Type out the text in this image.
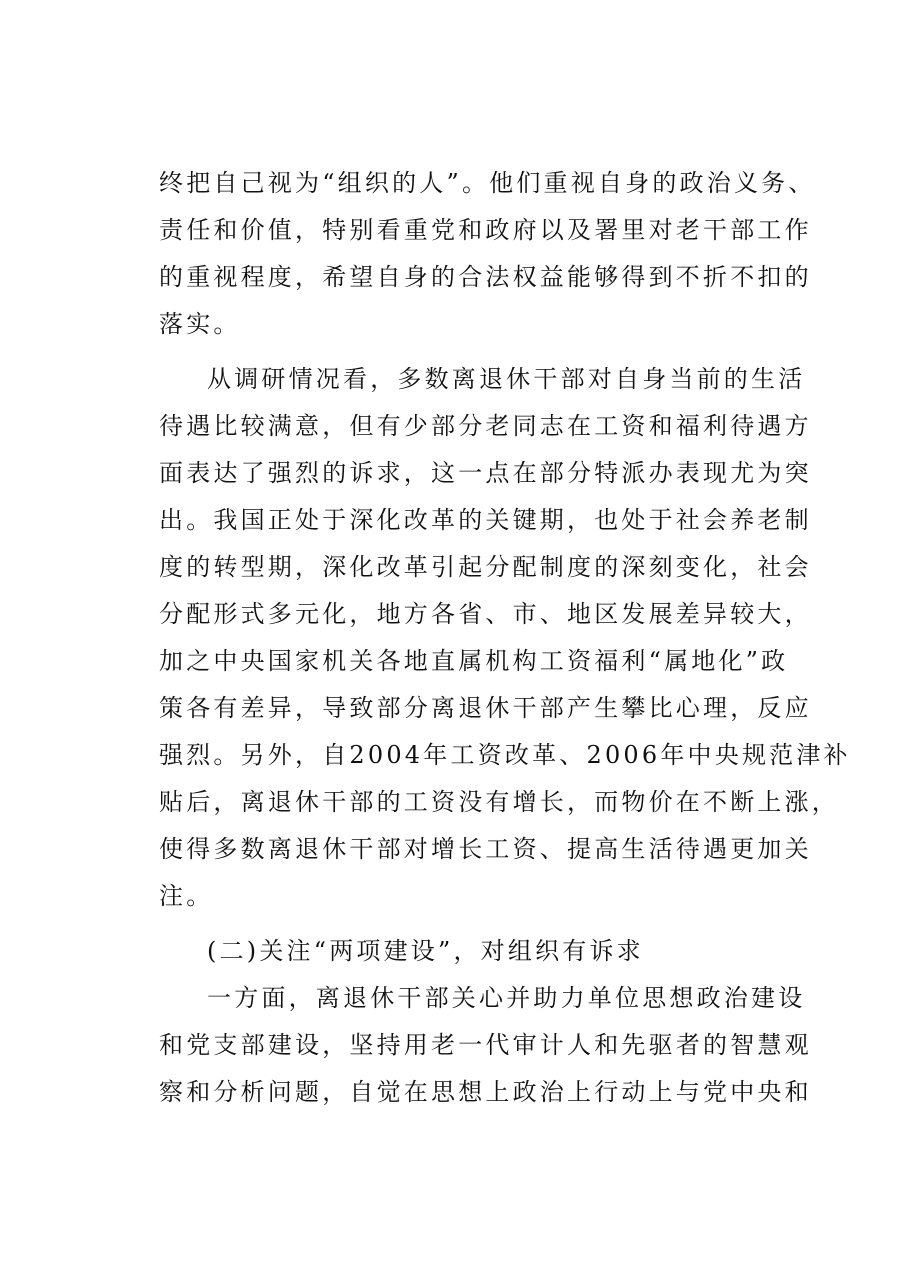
终把自己视为“组织的人”。他们重视自身的政治义务、
责任和价值，特别看重党和政府以及署里对老干部工作
的重视程度，希望自身的合法权益能够得到不折不扣的
落实。
从调研情况看，多数离退休干部对自身当前的生活
待遇比较满意，但有少部分老同志在工资和福利待遇方
面表达了强烈的诉求，这一点在部分特派办表现尤为突
出。我国正处于深化改革的关键期，也处于社会养老制
度的转型期，深化改革引起分配制度的深刻变化，社会
分配形式多元化，地方各省、市、地区发展差异较大，
加之中央国家机关各地直属机构工资福利“属地化”政
策各有差异，导致部分离退休干部产生攀比心理，反应
强烈。另外，自2004年工资改革、2006年中央规范津补
贴后，离退休干部的工资没有增长，而物价在不断上涨，
使得多数离退休干部对增长工资、提高生活待遇更加关
注。
(二)关注“两项建设”，对组织有诉求
一方面，离退休干部关心并助力单位思想政治建设
和党支部建设，坚持用老一代审计人和先驱者的智慧观
察和分析问题，自觉在思想上政治上行动上与党中央和
